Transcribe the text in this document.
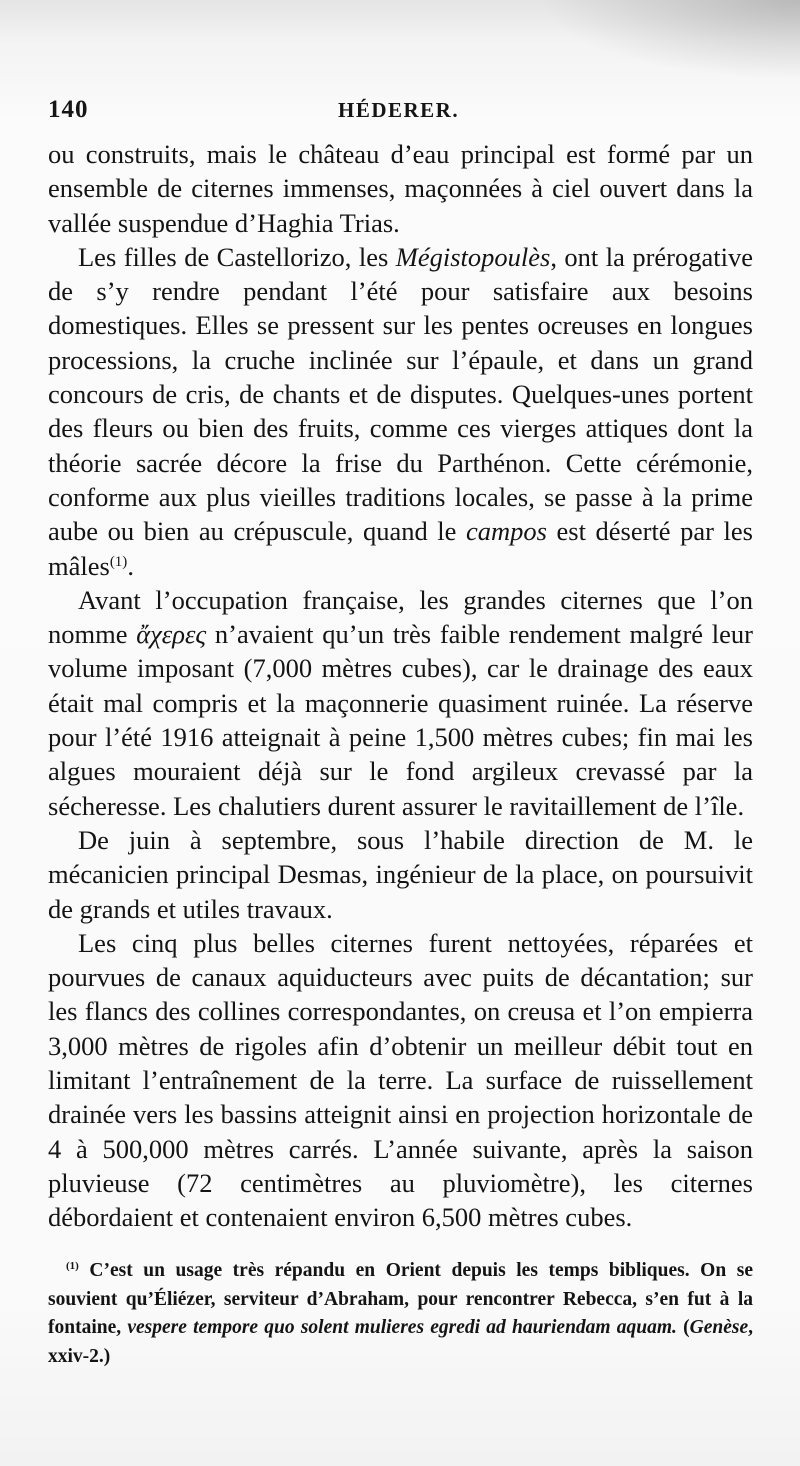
140	HÉDERER.

ou construits, mais le château d’eau principal est formé par un ensemble de citernes immenses, maçonnées à ciel ouvert dans la vallée suspendue d’Haghia Trias.

Les filles de Castellorizo, les Mégistopoulès, ont la prérogative de s’y rendre pendant l’été pour satisfaire aux besoins domestiques. Elles se pressent sur les pentes ocreuses en longues processions, la cruche inclinée sur l’épaule, et dans un grand concours de cris, de chants et de disputes. Quelques-unes portent des fleurs ou bien des fruits, comme ces vierges attiques dont la théorie sacrée décore la frise du Parthénon. Cette cérémonie, conforme aux plus vieilles traditions locales, se passe à la prime aube ou bien au crépuscule, quand le campos est déserté par les mâles$^{(1)}$.

Avant l’occupation française, les grandes citernes que l’on nomme ἄχερες n’avaient qu’un très faible rendement malgré leur volume imposant (7,000 mètres cubes), car le drainage des eaux était mal compris et la maçonnerie quasiment ruinée. La réserve pour l’été 1916 atteignait à peine 1,500 mètres cubes; fin mai les algues mouraient déjà sur le fond argileux crevassé par la sécheresse. Les chalutiers durent assurer le ravitaillement de l’île.

De juin à septembre, sous l’habile direction de M. le mécanicien principal Desmas, ingénieur de la place, on poursuivit de grands et utiles travaux.

Les cinq plus belles citernes furent nettoyées, réparées et pourvues de canaux aquiducteurs avec puits de décantation; sur les flancs des collines correspondantes, on creusa et l’on empierra 3,000 mètres de rigoles afin d’obtenir un meilleur débit tout en limitant l’entraînement de la terre. La surface de ruissellement drainée vers les bassins atteignit ainsi en projection horizontale de 4 à 500,000 mètres carrés. L’année suivante, après la saison pluvieuse (72 centimètres au pluviomètre), les citernes débordaient et contenaient environ 6,500 mètres cubes.

$^{(1)}$ C’est un usage très répandu en Orient depuis les temps bibliques. On se souvient qu’Éliézer, serviteur d’Abraham, pour rencontrer Rebecca, s’en fut à la fontaine, vespere tempore quo solent mulieres egredi ad hauriendam aquam. (Genèse, xxiv-2.)
